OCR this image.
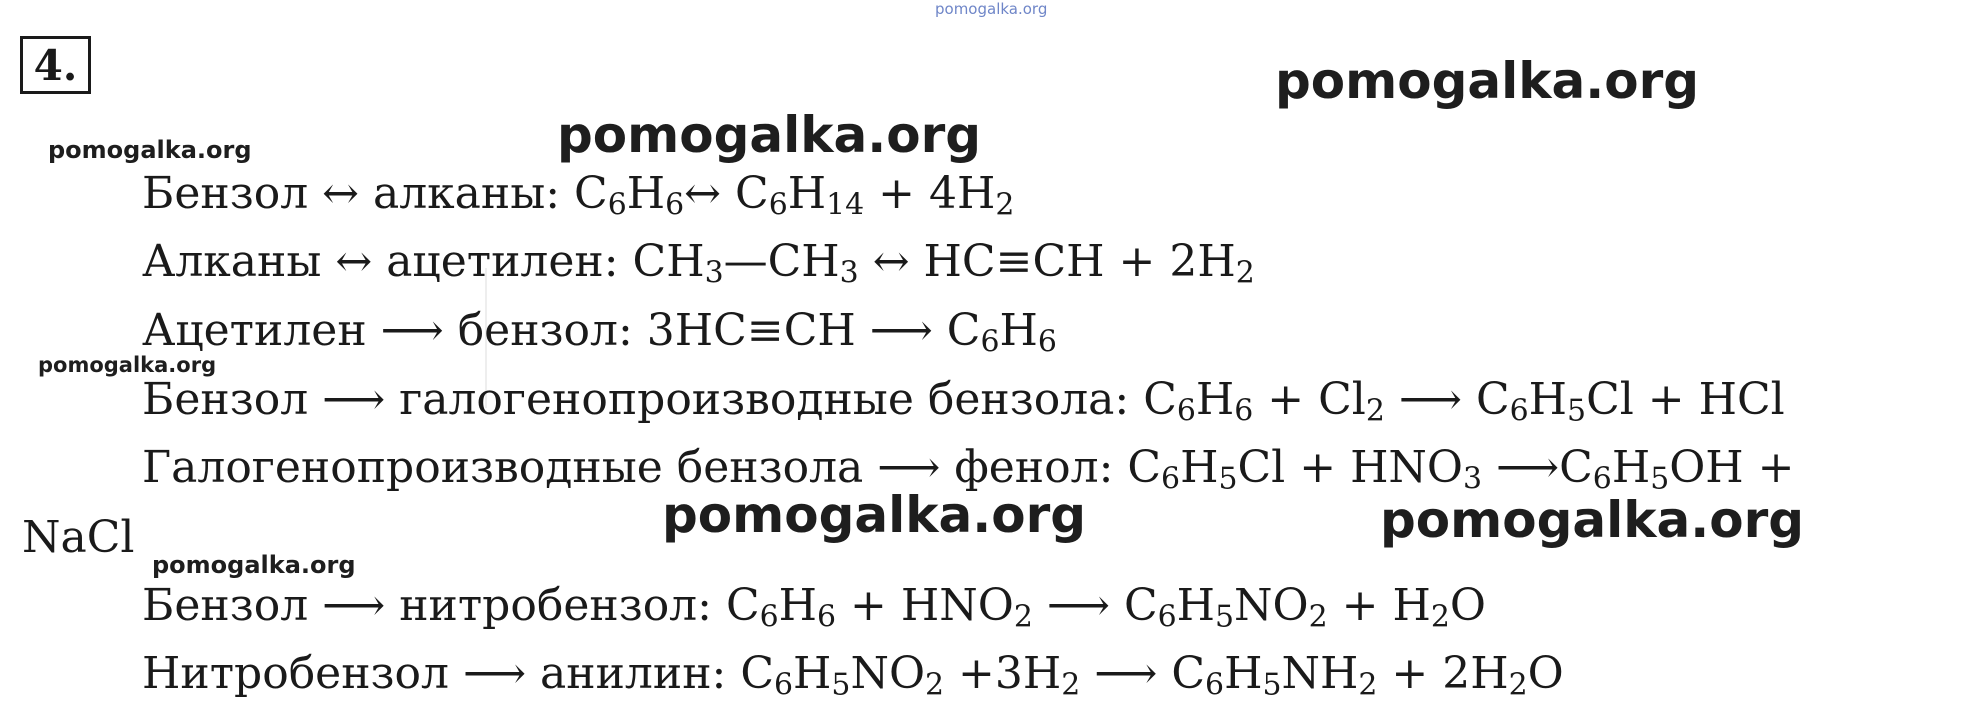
pomogalka.org
4.	pomogalka.org
pomogalka.org
pomogalka.org	pomogalka.org
pomogalka.org
pomogalka.org
pomogalka.org
Бензол ↔ алканы: $C_6H_6\leftrightarrow$ $C_6H_{14} + 4H_2$
Алканы ↔ ацетилен: $CH_3—CH_3$ ↔ $HC\equiv CH + 2H_2$
Ацетилен ⟶ бензол: 3HC≡CH ⟶ $C_6H_6$
Бензол ⟶ галогенопроизводные бензола: $C_6H_6 + Cl_2$ ⟶ $C_6H_5Cl$ + HCl
Галогенопроизводные бензола ⟶ фенол: $C_6H_5Cl + HNO_3$ $⟶C_6H_5OH$ +
NaCl
Бензол ⟶ нитробензол: $C_6H_6 + HNO_2$ ⟶ $C_6H_5NO_2 + H_2O$
Нитробензол ⟶ анилин: $C_6H_5NO_2 +3H_2$ ⟶ $C_6H_5NH_2 + 2H_2O$
